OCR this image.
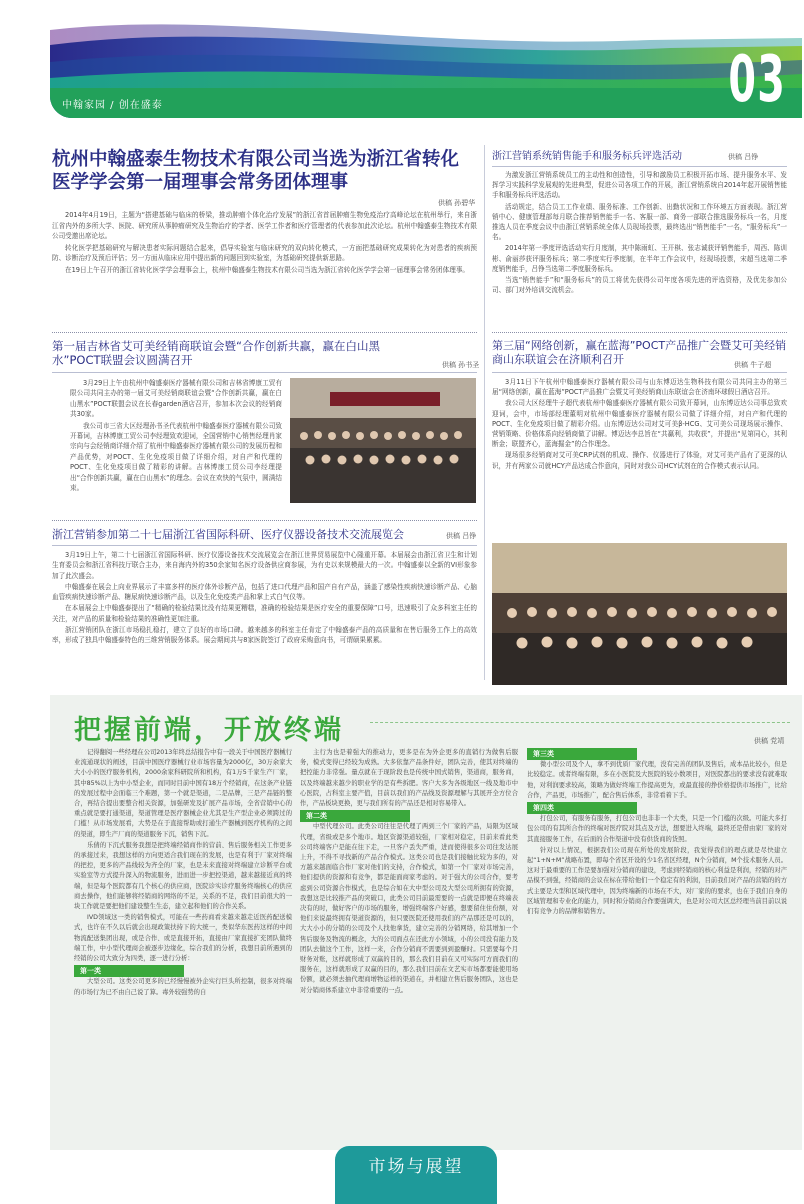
03
中翰家园 / 创在盛泰
杭州中翰盛泰生物技术有限公司当选为浙江省转化医学学会第一届理事会常务团体理事
供稿 孙碧华

2014年4月19日，主题为“搭建基础与临床的桥梁，推动肿瘤个体化治疗发展”的浙江省首届肿瘤生物免疫治疗高峰论坛在杭州举行，来自浙江省内外的多所大学、医院、研究所从事肿瘤研究及生物治疗的学者、医学工作者和医疗管理者的代表参加此次论坛。杭州中翰盛泰生物技术有限公司受邀出席论坛。

转化医学把基础研究与解决患者实际问题结合起来，倡导实验室与临床研究的双向转化模式，一方面把基础研究成果转化为对患者的疾病预防、诊断治疗及预后评估；另一方面从临床应用中提出新的问题回到实验室，为基础研究提供新思路。

在19日上午召开的浙江省转化医学学会理事会上，杭州中翰盛泰生物技术有限公司当选为浙江省转化医学学会第一届理事会常务团体理事。

浙江营销系统销售能手和服务标兵评选活动	供稿 吕铮

为激发浙江营销系统员工的主动性和创造性，引导和激励员工积极开拓市场、提升服务水平、发挥学习实践科学发展观的先进典型，促进公司各项工作的开展，浙江营销系统自2014年起开展销售能手和服务标兵评选活动。

活动规定，结合员工工作业绩、服务标准、工作创新、出勤状况和工作环境五方面表现。浙江营销中心、健康管理部每月联合推荐销售能手一名、客服一部、商务一部联合推选服务标兵一名，月度推选人员在季度会议中由浙江营销系统全体人员现场投票，最终选出“销售能手”一名，“服务标兵”一名。

2014年第一季度评选活动实行月度制，其中陈雨虹、王开棋、张志诚获评销售能手，周西、陈训彬、俞丽莎获评服务标兵；第二季度实行季度制，在半年工作会议中，经现场投票，宋超当选第二季度销售能手，吕铮当选第二季度服务标兵。

当选“销售能手”和“服务标兵”的员工将优先获得公司年度各项先进的评选资格，及优先参加公司、部门对外培训交流机会。

第一届吉林省艾可美经销商联谊会暨“合作创新共赢，赢在白山黑水”POCT联盟会议圆满召开	供稿 孙书圣

3月29日上午由杭州中翰盛泰医疗器械有限公司和吉林省博康工贸有限公司共同主办的第一届艾可美经销商联谊会暨“合作创新共赢，赢在白山黑水”POCT联盟会议在长春garden酒店召开，参加本次会议的经销商共30家。

我公司市三省大区经理孙书圣代表杭州中翰盛泰医疗器械有限公司致开幕词，吉林博康工贸公司李经理致欢迎词，全国营销中心销售经理肖家宗向与会经销商详细介绍了杭州中翰盛泰医疗器械有限公司的发展历程和产品优势，对POCT、生化免疫项目做了详细介绍，对自产和代理的POCT、生化免疫项目做了精彩的讲解。吉林博康工贸公司李经理提出“合作创新共赢，赢在白山黑水”的理念。会议在欢快的气氛中，圆满结束。

浙江营销参加第二十七届浙江省国际科研、医疗仪器设备技术交流展览会	供稿 吕铮

3月19日上午，第二十七届浙江省国际科研、医疗仪器设备技术交流展览会在浙江世界贸易展览中心隆重开幕。本届展会由浙江省卫生和计划生育委员会和浙江省科技厅联合主办，来自海内外的350余家知名医疗设备供应商参展，为有史以来规模最大的一次。中翰盛泰以全新的VI形象参加了此次盛会。

中翰盛泰在展会上向业界展示了丰富多样的医疗体外诊断产品，包括了进口代理产品和国产自有产品，涵盖了感染性疾病快速诊断产品、心脑血管疾病快速诊断产品、糖尿病快速诊断产品，以及生化免疫类产品和掌上式白气仪等。

在本届展会上中翰盛泰提出了“精确的检验结果比没有结果更糟糕，准确的检验结果是医疗安全的重要保障”口号，迅速吸引了众多科室主任的关注，对产品的质量和检验结果的准确性更加注重。

浙江营销团队在浙江市场稳扎稳打，建立了良好的市场口碑。越来越多的科室主任肯定了中翰盛泰产品的高质量和在售后服务工作上的高效率，形成了独具中翰盛泰特色的三维营销服务体系。展会期间共与8家医院签订了政府采购意向书，可谓硕果累累。

第三届“网络创新，赢在蓝海”POCT产品推广会暨艾可美经销商山东联谊会在济顺利召开	供稿 牛子超

3月11日下午杭州中翰盛泰医疗器械有限公司与山东博迈达生物科技有限公司共同主办的第三届“网络创新，赢在蓝海”POCT产品推广会暨艾可美经销商山东联谊会在济南环球假日酒店召开。

我公司大区经理牛子超代表杭州中翰盛泰医疗器械有限公司致开幕词，山东博迈达公司事总致欢迎词，会中，市场部经理董明对杭州中翰盛泰医疗器械有限公司做了详细介绍，对自产和代理的POCT、生化免疫项目做了精彩介绍。山东博迈达公司对艾可美β-HCG、艾可美公司现场展示操作、营销策略、价格体系向经销商做了讲解。博迈达李总旨在“共赢利，共收获”，并提出“见第同心，其利断金；联盟齐心，蓝海掘金”的合作理念。

现场很多经销商对艾可美CRP试剂的机成、操作、仪器进行了体验，对艾可美产品有了更深的认识，并有两家公司就HCY产品达成合作意向，同时对我公司HCY试剂在的合作模式表示认同。

把握前端，开放终端	供稿 党靖

记得翻阅一些经理在公司2013年终总结报告中有一段关于中国医疗器械行业流通现状的阐述，目前中国医疗器械行业市场容量为2000亿，30万余家大大小小的医疗服务机构，2000余家科研院所和机构，有1万5千家生产厂家，其中85%以上为中小型企业，而同时目前中国有18万个经销商，在这条产业链的发展过程中会面临三个难题，第一个就是渠道，二是品牌，三是产品链的整合，再结合提出要整合相关资源，加强研发及扩展产品市场，全省营销中心的重点就是要打通渠道，渠道管理是医疗器械企业尤其是生产型企业必须跨过的门槛！从市场发展看，大势是在于直接帮助或打通生产器械到医疗机构的之间的渠道，即生产厂商的渠道服务下沉，销售下沉。

乐倩的下沉式服务我想是把终端经销商作的营前、售后服务相关工作更多的承接过来，我想这样的方向更适合我们现在的发展，也是有利于厂家对终端的把控，更多的产品线较为齐全的厂家，也是未来直接对终端建立诊断平台或实验室等方式提升深入的物流服务，进而进一步把控渠道，越来越接近真的终端，但是每个医院都有几个核心的供应商，医院诊实诊疗服务终端核心的供应商去操作，他们能够将经销商的网络的不足，关系的不足，我们目前很大的一块工作就是要把他们建设整生生态，建立起和他们的合作关系。

IVD领域这一类的销售模式，可能在一些药商看来越来越走近医药配送模式，也许在不久以后就会出现政策扶持下的大统一，类似华东医药这样的中间物流配送集团出现，或是合作、或是直接开拓，直接由厂家直接扩充团队做终端工作，中小型代理商会被逐步边缘化，综合我们的分析，我想目前所遇到的经销的公司大致分为四类，逐一进行分析：

第一类

大型公司。这类公司更多的已经慢慢被外企实行巨头所控制，很多对终端的市场行为已不由自己说了算。毒外较强势的自

主行为也是着强大的推动力，更多是在为外企更多的直销行为做售后服务，模式变得已经较为成熟。大多依靠产品条件好，团队完善，使其对终端的把控能力非常强。量点就在于现阶段也是传统中国式销售，渠道商，服务商，以及终端越来越少的职业学的是有些拆肥。客户大多为各级地区一线及地市中心医院，占科室主要产值，目前以我们的产品线及资源理解与其展开全方位合作，产品板块更换，更与我们所有的产品还是相对容易带入。

第二类

中型代理公司。此类公司往往是代理了两到三个厂家的产品，局限为区域代理，省级或是多个地市。地区资源渠道较强，厂家相对稳定，目前来看此类公司终端客户是能在往下走，一旦客户丢失严重，进而使得很多公司往发达展上升，不得不寻找新的产品合作模式。这类公司也是我们接触比较为多的，对方越来越面临合作厂家对他们的支持，合作模式，如第一个厂家对市场完善，他们提供的资源和有竞争，都是能面商家考虑的。对于强大的公司合作，要考虑到公司资源合作模式，也是综合如在大中型公司及大型公司所拥有的资源，我想这是比较推产品的突破口，此类公司目前最需要的一点就是即便在终端表决有的时，做好客户的市场的服务，增强终端客户好感，想要留住住份额，对他们来说最终拥有渠道资源的，但只要医院还使用我们的产品那还是可以的，大大小小的分销的公司及个人找他拿货，建立完善的分销网络，给其增加一个售后服务及物流的概念，大的公司面点在还此方小领域，小的公司没有能力及团队去做这个工作，这样一来，合作分销商不需要到到盈赚时。只需要每个月财务对账，这样就形成了双赢的目的，那么我们目前在又可实际可方面我们的服务在，这样就形成了双赢的目的，那么我们目前在文艺实市场都要能使用场份额，就必须去抽代理商增物运样的渠道在，并相建立售后服务团队，这也是对分销商体系建立中非常重要的一点。

第三类

微小型公司及个人，拿不到优质厂家代理，没有完善的团队及售后，成本品比较小，但是比较稳定。或者终端有限，多在小医院及大医院的较小数项目，对医院都出的要求没有就难取他，对利润要求较高，策略为做好终端工作提高更为，或最直接的挣价格提供市场推广，比给合作，产品更，市场推广，配合售后体系，非常看着下手。

第四类

打包公司，有服务有服务，打包公司也非非一个大类，只是一个门槛的次级。可能大多打包公司的有其所合作的终端对医疗院对其点及方法，想要进入终端，最终还是借由家厂家的对其直接服务工作，在后面的合作渠道中没有供货商的货照。

针对以上情况，根据我们公司现在所处的发展阶段，我觉得我们的理点就是尽快建立起“1+N+M”战略布置，即每个省区开设的少1名省区经理，N个分销商，M个技术服务人员。这对于最重要的工作是要加强对分销商的建设，考虑到经销商的核心利益是利润，经销的对产品模不到强，经销商的会议在标在带给他们一个稳定有的利润，目前我们对产品的营销的的方式主要是大型和区域代理中，因为终端新的市场在不大，对厂家的的要求，也在于我们自身的区域管理和专业化的能力，同时和分销商合作要强调大，也是对公司大区总经理当前目前以说们有竞争力的品牌和销售方。

市场与展望
